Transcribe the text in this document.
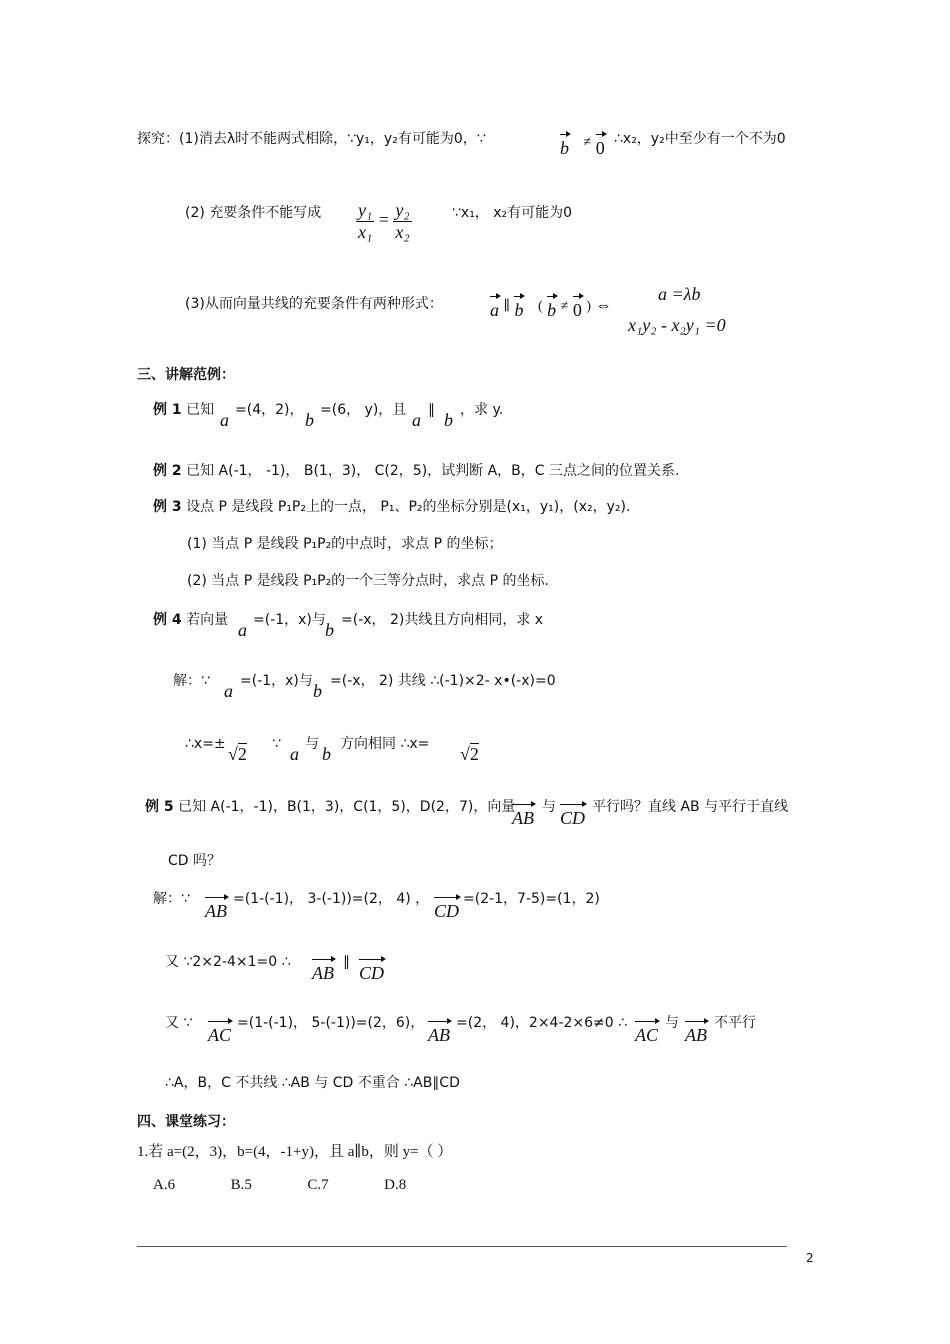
探究：(1)消去λ时不能两式相除，∵y₁，y₂有可能为0，∵	b ≠ 0 ∴x₂，y₂中至少有一个不为0
(2) 充要条件不能写成 $\frac{\text{y₁}}{\text{x₁}} = \frac{\text{y₂}}{\text{x₂}}$	∵x₁， x₂有可能为0
(3)从而向量共线的充要条件有两种形式：	a ∥ b ( b ≠ 0 ) ⇔
a =λb
x₁y₂ - x₂y₁ =0
三、讲解范例：
例 1 已知 a =(4，2)， b =(6， y)，且 a ∥ b ，求 y.
例 2 已知 A(-1， -1)， B(1，3)， C(2，5)，试判断 A，B，C 三点之间的位置关系.
例 3 设点 P 是线段 P₁P₂上的一点， P₁、P₂的坐标分别是(x₁，y₁)，(x₂，y₂).
(1) 当点 P 是线段 P₁P₂的中点时，求点 P 的坐标；
(2) 当点 P 是线段 P₁P₂的一个三等分点时，求点 P 的坐标.
例 4 若向量 a =(-1，x)与 b =(-x， 2)共线且方向相同，求 x
解：∵ a =(-1，x)与 b =(-x， 2) 共线 ∴(-1)×2- x•(-x)=0
∴x=± √2 ∵ a 与 b 方向相同 ∴x= √2
例 5 已知 A(-1，-1)，B(1，3)，C(1，5)，D(2，7)，向量
AB
与
CD
平行吗？直线 AB 与平行于直线
CD 吗？
解：∵
AB
=(1-(-1)， 3-(-1))=(2， 4) ，
CD
=(2-1，7-5)=(1，2)
又 ∵2×2-4×1=0 ∴
AB
∥
CD
又 ∵
AC
=(1-(-1)， 5-(-1))=(2，6)，
AB
=(2， 4)，2×4-2×6≠0 ∴
AC
与
AB
不平行
∴A，B，C 不共线 ∴AB 与 CD 不重合 ∴AB∥CD
四、课堂练习：
1.若 a=(2，3)，b=(4，-1+y)，且 a∥b，则 y=（ ）
A.6	B.5	C.7	D.8
2
